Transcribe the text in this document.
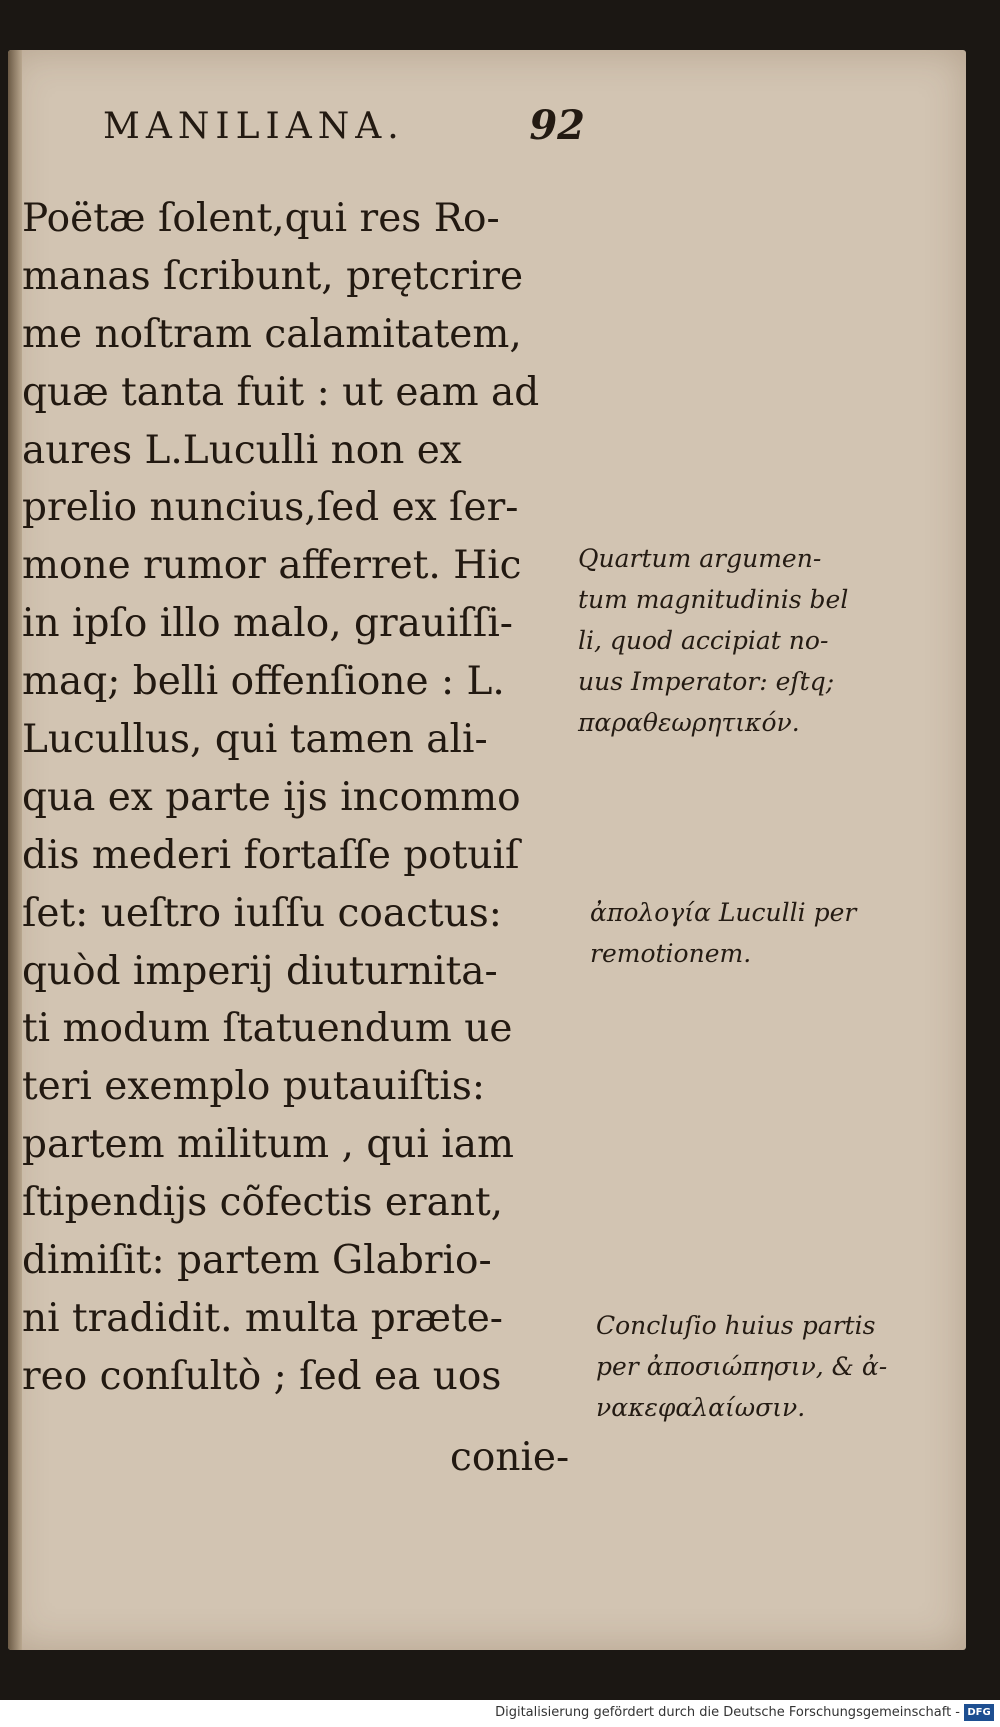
MANILIANA.	92
Poëtæ ſolent,qui res Ro-
manas ſcribunt, prętcrire
me noſtram calamitatem,
quæ tanta fuit : ut eam ad
aures L.Luculli non ex
prelio nuncius,ſed ex ſer-
mone rumor afferret. Hic
in ipſo illo malo, grauiſſi-
maq; belli offenſione : L.
Lucullus, qui tamen ali-
qua ex parte ijs incommo
dis mederi fortaſſe potuiſ
ſet: ueſtro iuſſu coactus:
quòd imperij diuturnita-
ti modum ſtatuendum ue
teri exemplo putauiſtis:
partem militum , qui iam
ſtipendijs cõfectis erant,
dimiſit: partem Glabrio-
ni tradidit. multa præte-
reo conſultò ; ſed ea uos
conie-
Quartum argumen-
tum magnitudinis bel
li, quod accipiat no-
uus Imperator: eſtq;
παραθεωρητικόν.
ἀπολογία Luculli per
remotionem.
Concluſio huius partis
per ἀποσιώπησιν, & ἀ-
νακεφαλαίωσιν.
Digitalisierung gefördert durch die Deutsche Forschungsgemeinschaft - DFG
